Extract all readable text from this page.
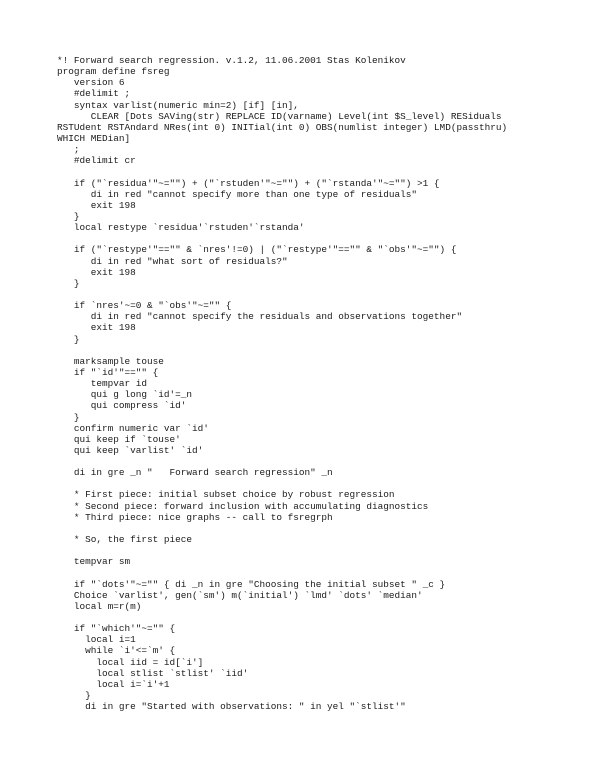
*! Forward search regression. v.1.2, 11.06.2001 Stas Kolenikov
program define fsreg
version 6
#delimit ;
syntax varlist(numeric min=2) [if] [in],
CLEAR [Dots SAVing(str) REPLACE ID(varname) Level(int $S_level) RESiduals
RSTUdent RSTAndard NRes(int 0) INITial(int 0) OBS(numlist integer) LMD(passthru)
WHICH MEDian]
;
#delimit cr
if ("`residua'"~="") + ("`rstuden'"~="") + ("`rstanda'"~="") >1 {
di in red "cannot specify more than one type of residuals"
exit 198
}
local restype `residua'`rstuden'`rstanda'
if ("`restype'"=="" & `nres'!=0) | ("`restype'"=="" & "`obs'"~="") {
di in red "what sort of residuals?"
exit 198
}
if `nres'~=0 & "`obs'"~="" {
di in red "cannot specify the residuals and observations together"
exit 198
}
marksample touse
if "`id'"=="" {
tempvar id
qui g long `id'=_n
qui compress `id'
}
confirm numeric var `id'
qui keep if `touse'
qui keep `varlist' `id'
di in gre _n "   Forward search regression" _n
* First piece: initial subset choice by robust regression
* Second piece: forward inclusion with accumulating diagnostics
* Third piece: nice graphs -- call to fsregrph
* So, the first piece
tempvar sm
if "`dots'"~="" { di _n in gre "Choosing the initial subset " _c }
Choice `varlist', gen(`sm') m(`initial') `lmd' `dots' `median'
local m=r(m)
if "`which'"~="" {
local i=1
while `i'<=`m' {
local iid = id[`i']
local stlist `stlist' `iid'
local i=`i'+1
}
di in gre "Started with observations: " in yel "`stlist'"
